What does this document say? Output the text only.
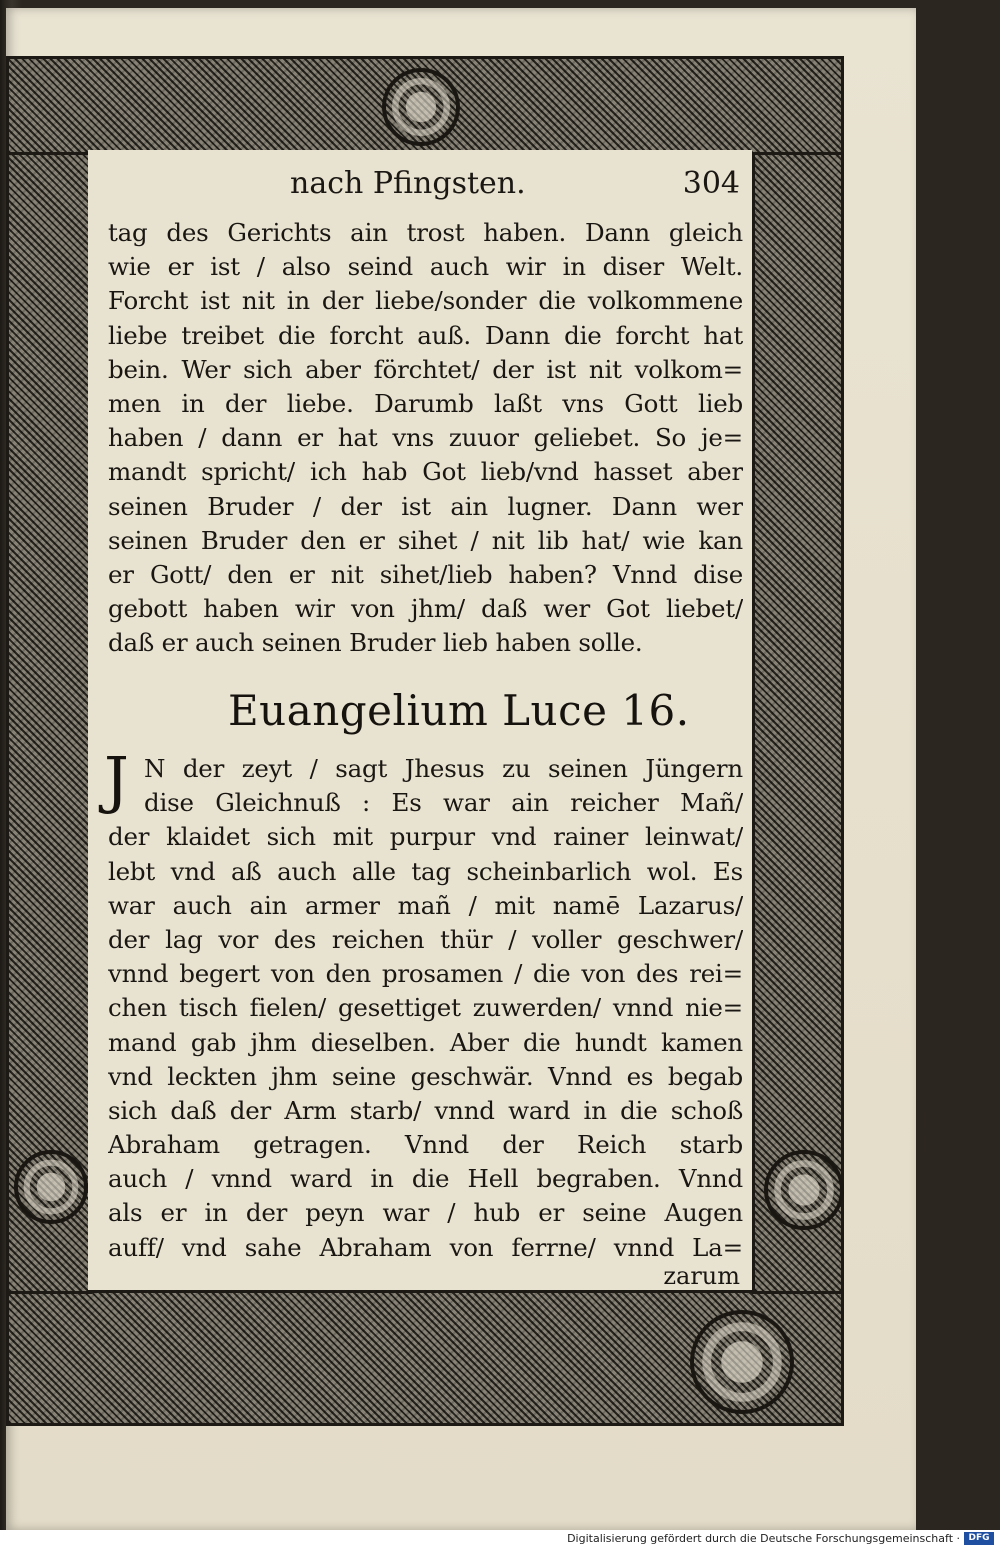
nach Pfingsten.	304
tag des Gerichts ain trost haben. Dann gleich
wie er ist / also seind auch wir in diser Welt.
Forcht ist nit in der liebe/sonder die volkommene
liebe treibet die forcht auß. Dann die forcht hat
bein. Wer sich aber förchtet/ der ist nit volkom=
men in der liebe. Darumb laßt vns Gott lieb
haben / dann er hat vns zuuor geliebet. So je=
mandt spricht/ ich hab Got lieb/vnd hasset aber
seinen Bruder / der ist ain lugner. Dann wer
seinen Bruder den er sihet / nit lib hat/ wie kan
er Gott/ den er nit sihet/lieb haben? Vnnd dise
gebott haben wir von jhm/ daß wer Got liebet/
daß er auch seinen Bruder lieb haben solle.
Euangelium Luce 16.
J N der zeyt / sagt Jhesus zu seinen Jüngern
dise Gleichnuß : Es war ain reicher Mañ/
der klaidet sich mit purpur vnd rainer leinwat/
lebt vnd aß auch alle tag scheinbarlich wol. Es
war auch ain armer mañ / mit namē Lazarus/
der lag vor des reichen thür / voller geschwer/
vnnd begert von den prosamen / die von des rei=
chen tisch fielen/ gesettiget zuwerden/ vnnd nie=
mand gab jhm dieselben. Aber die hundt kamen
vnd leckten jhm seine geschwär. Vnnd es begab
sich daß der Arm starb/ vnnd ward in die schoß
Abraham getragen. Vnnd der Reich starb
auch / vnnd ward in die Hell begraben. Vnnd
als er in der peyn war / hub er seine Augen
auff/ vnd sahe Abraham von ferrne/ vnnd La=
zarum
Digitalisierung gefördert durch die Deutsche Forschungsgemeinschaft · DFG
